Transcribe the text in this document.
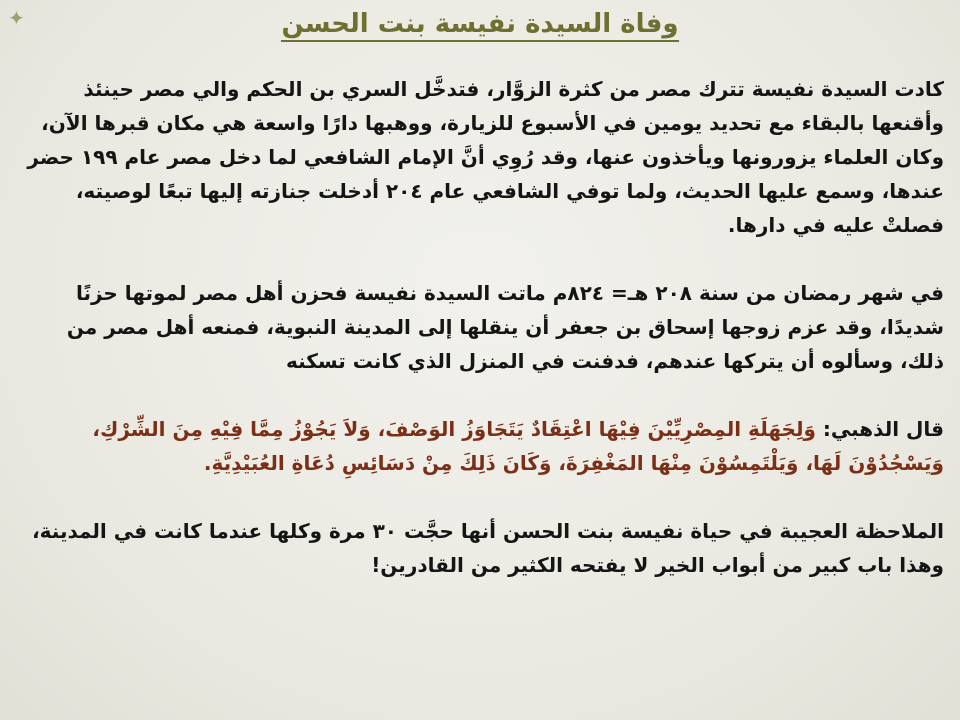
✦	وفاة السيدة نفيسة بنت الحسن

كادت السيدة نفيسة تترك مصر من كثرة الزوَّار، فتدخَّل السري بن الحكم والي مصر حينئذ وأقنعها بالبقاء مع تحديد يومين في الأسبوع للزيارة، ووهبها دارًا واسعة هي مكان قبرها الآن، وكان العلماء يزورونها ويأخذون عنها، وقد رُوِي أنَّ الإمام الشافعي لما دخل مصر عام ١٩٩ حضر عندها، وسمع عليها الحديث، ولما توفي الشافعي عام ٢٠٤ أدخلت جنازته إليها تبعًا لوصيته، فصلتْ عليه في دارها.

في شهر رمضان من سنة ٢٠٨ هـ= ٨٢٤م ماتت السيدة نفيسة فحزن أهل مصر لموتها حزنًا شديدًا، وقد عزم زوجها إسحاق بن جعفر أن ينقلها إلى المدينة النبوية، فمنعه أهل مصر من ذلك، وسألوه أن يتركها عندهم، فدفنت في المنزل الذي كانت تسكنه

قال الذهبي: وَلِجَهَلَةِ المِصْرِيِّيْنَ فِيْهَا اعْتِقَادٌ يَتَجَاوَزُ الوَصْفَ، وَلاَ يَجُوْزُ مِمَّا فِيْهِ مِنَ الشِّرْكِ، وَيَسْجُدُوْنَ لَهَا، وَيَلْتَمِسُوْنَ مِنْهَا المَغْفِرَةَ، وَكَانَ ذَلِكَ مِنْ دَسَائِسِ دُعَاةِ العُبَيْدِيَّةِ.

الملاحظة العجيبة في حياة نفيسة بنت الحسن أنها حجَّت ٣٠ مرة وكلها عندما كانت في المدينة، وهذا باب كبير من أبواب الخير لا يفتحه الكثير من القادرين!
